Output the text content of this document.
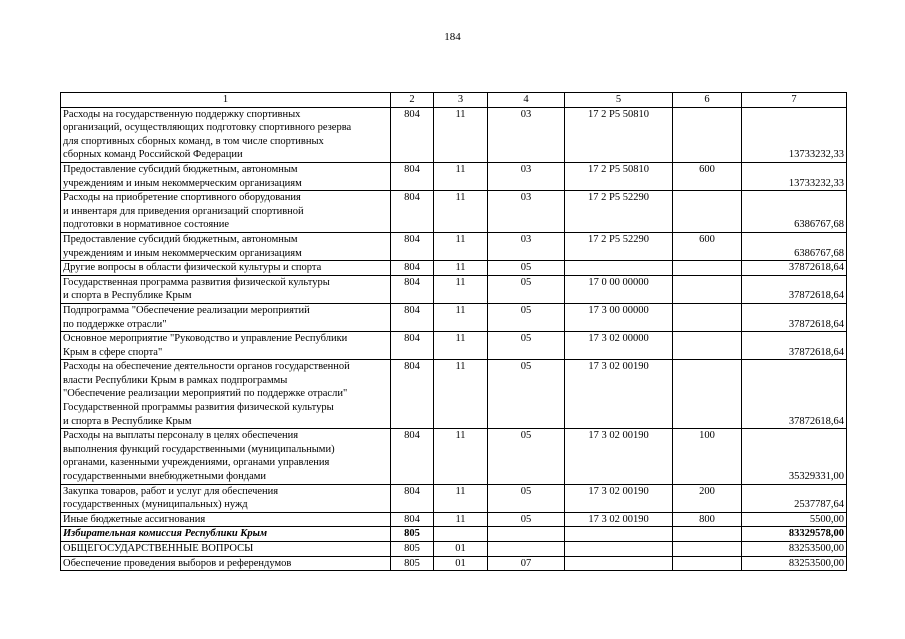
184
1	2	3	4	5	6	7
Расходы на государственную поддержку спортивных
организаций, осуществляющих подготовку спортивного резерва
для спортивных сборных команд, в том числе спортивных
сборных команд Российской Федерации	804	11	03	17 2 Р5 50810		13733232,33
Предоставление субсидий бюджетным, автономным
учреждениям и иным некоммерческим организациям	804	11	03	17 2 Р5 50810	600	13733232,33
Расходы на приобретение спортивного оборудования
и инвентаря для приведения организаций спортивной
подготовки в нормативное состояние	804	11	03	17 2 Р5 52290		6386767,68
Предоставление субсидий бюджетным, автономным
учреждениям и иным некоммерческим организациям	804	11	03	17 2 Р5 52290	600	6386767,68
Другие вопросы в области физической культуры и спорта	804	11	05			37872618,64
Государственная программа развития физической культуры
и спорта в Республике Крым	804	11	05	17 0 00 00000		37872618,64
Подпрограмма "Обеспечение реализации мероприятий
по поддержке отрасли"	804	11	05	17 3 00 00000		37872618,64
Основное мероприятие "Руководство и управление Республики
Крым в сфере спорта"	804	11	05	17 3 02 00000		37872618,64
Расходы на обеспечение деятельности органов государственной
власти Республики Крым в рамках подпрограммы
"Обеспечение реализации мероприятий по поддержке отрасли"
Государственной программы развития физической культуры
и спорта в Республике Крым	804	11	05	17 3 02 00190		37872618,64
Расходы на выплаты персоналу в целях обеспечения
выполнения функций государственными (муниципальными)
органами, казенными учреждениями, органами управления
государственными внебюджетными фондами	804	11	05	17 3 02 00190	100	35329331,00
Закупка товаров, работ и услуг для обеспечения
государственных (муниципальных) нужд	804	11	05	17 3 02 00190	200	2537787,64
Иные бюджетные ассигнования	804	11	05	17 3 02 00190	800	5500,00
Избирательная комиссия Республики Крым	805					83329578,00
ОБЩЕГОСУДАРСТВЕННЫЕ ВОПРОСЫ	805	01				83253500,00
Обеспечение проведения выборов и референдумов	805	01	07			83253500,00
